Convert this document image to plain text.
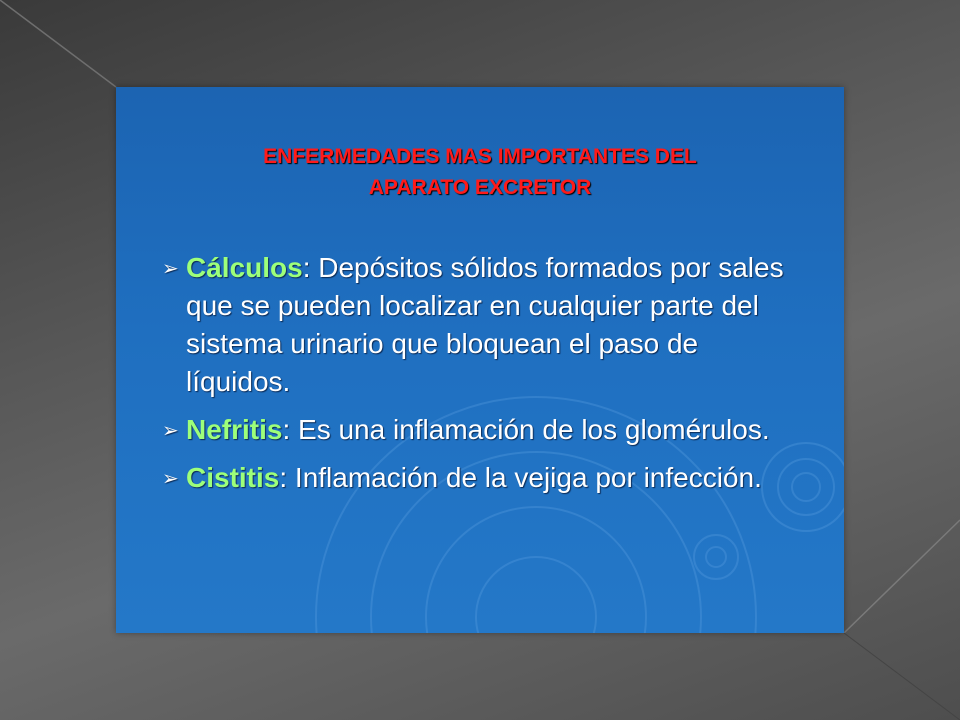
ENFERMEDADES MAS IMPORTANTES DEL
APARATO EXCRETOR
➢ Cálculos: Depósitos sólidos formados por sales que se pueden localizar en cualquier parte del sistema urinario que bloquean el paso de líquidos.
➢ Nefritis: Es una inflamación de los glomérulos.
➢ Cistitis: Inflamación de la vejiga por infección.
